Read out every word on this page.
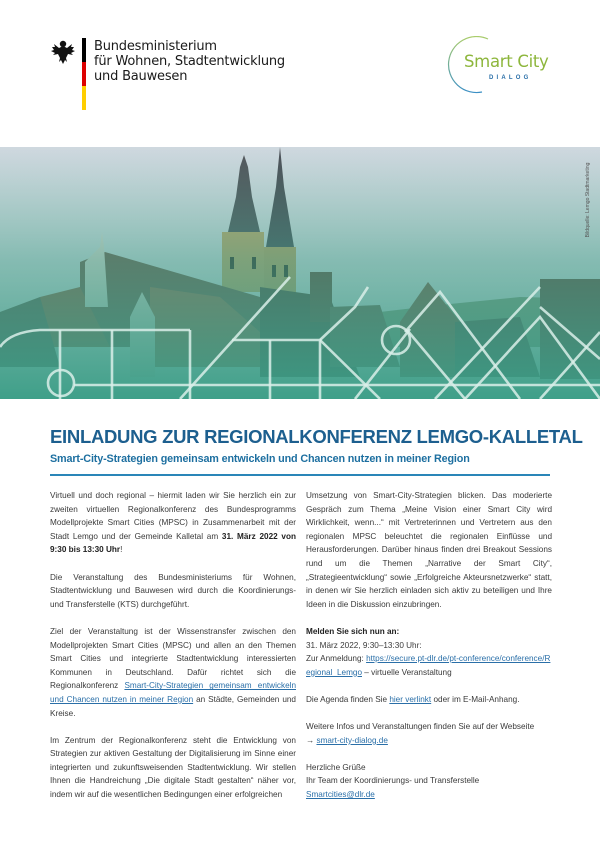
Bundesministerium
für Wohnen, Stadtentwicklung
und Bauwesen
Smart City
DIALOG
Bildquelle: Lemgo Stadtmarketing
EINLADUNG ZUR REGIONALKONFERENZ LEMGO-KALLETAL
Smart-City-Strategien gemeinsam entwickeln und Chancen nutzen in meiner Region

Virtuell und doch regional – hiermit laden wir Sie herzlich ein zur zweiten virtuellen Regionalkonferenz des Bundesprogramms Modellprojekte Smart Cities (MPSC) in Zusammenarbeit mit der Stadt Lemgo und der Gemeinde Kalletal am 31. März 2022 von 9:30 bis 13:30 Uhr!

Die Veranstaltung des Bundesministeriums für Wohnen, Stadtentwicklung und Bauwesen wird durch die Koordinierungs- und Transferstelle (KTS) durchgeführt.

Ziel der Veranstaltung ist der Wissenstransfer zwischen den Modellprojekten Smart Cities (MPSC) und allen an den Themen Smart Cities und integrierte Stadtentwicklung interessierten Kommunen in Deutschland. Dafür richtet sich die Regionalkonferenz Smart-City-Strategien gemeinsam entwickeln und Chancen nutzen in meiner Region an Städte, Gemeinden und Kreise.

Im Zentrum der Regionalkonferenz steht die Entwicklung von Strategien zur aktiven Gestaltung der Digitalisierung im Sinne einer integrierten und zukunftsweisenden Stadtentwicklung. Wir stellen Ihnen die Handreichung „Die digitale Stadt gestalten“ näher vor, indem wir auf die wesentlichen Bedingungen einer erfolgreichen

Umsetzung von Smart-City-Strategien blicken. Das moderierte Gespräch zum Thema „Meine Vision einer Smart City wird Wirklichkeit, wenn...“ mit Vertreterinnen und Vertretern aus den regionalen MPSC beleuchtet die regionalen Einflüsse und Herausforderungen. Darüber hinaus finden drei Breakout Sessions rund um die Themen „Narrative der Smart City“, „Strategieentwicklung“ sowie „Erfolgreiche Akteursnetzwerke“ statt, in denen wir Sie herzlich einladen sich aktiv zu beteiligen und Ihre Ideen in die Diskussion einzubringen.

Melden Sie sich nun an:
31. März 2022, 9:30–13:30 Uhr:
Zur Anmeldung: https://secure.pt-dlr.de/pt-conference/conference/Regional_Lemgo – virtuelle Veranstaltung

Die Agenda finden Sie hier verlinkt oder im E-Mail-Anhang.

Weitere Infos und Veranstaltungen finden Sie auf der Webseite
→ smart-city-dialog.de

Herzliche Grüße
Ihr Team der Koordinierungs- und Transferstelle
Smartcities@dlr.de
